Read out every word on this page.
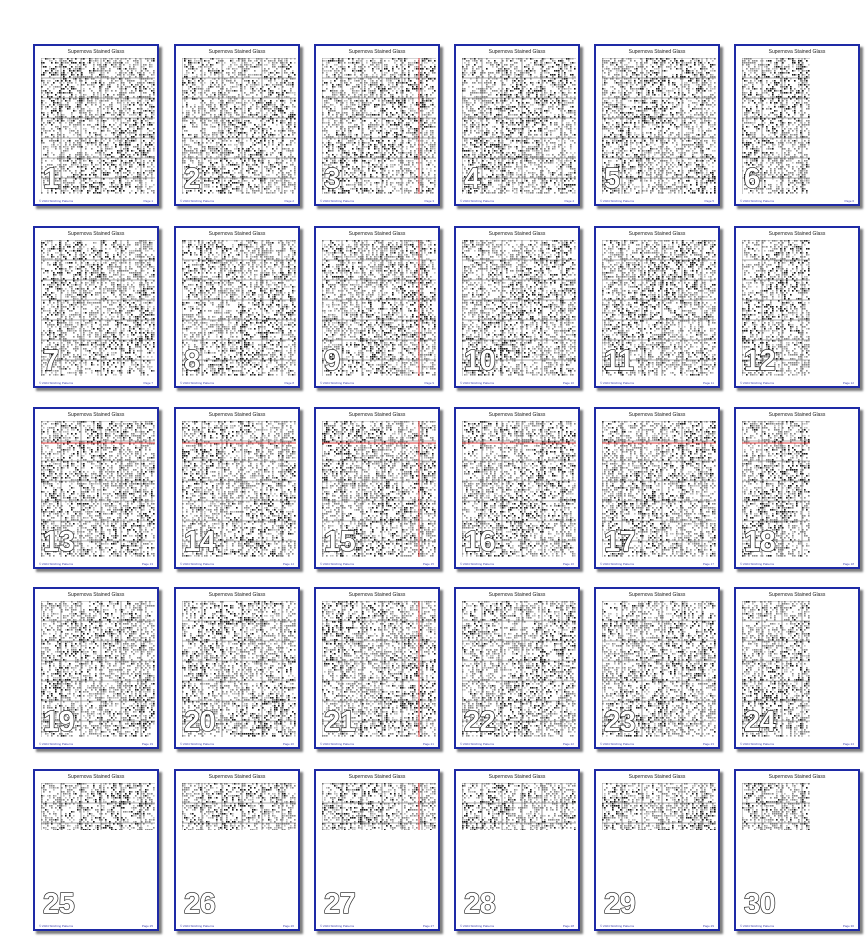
Supernova Stained Glass
1
© 2024 Stitching Patterns	Page 1
Supernova Stained Glass
2
© 2024 Stitching Patterns	Page 2
Supernova Stained Glass
3
© 2024 Stitching Patterns	Page 3
Supernova Stained Glass
4
© 2024 Stitching Patterns	Page 4
Supernova Stained Glass
5
© 2024 Stitching Patterns	Page 5
Supernova Stained Glass
6
© 2024 Stitching Patterns	Page 6
Supernova Stained Glass
7
© 2024 Stitching Patterns	Page 7
Supernova Stained Glass
8
© 2024 Stitching Patterns	Page 8
Supernova Stained Glass
9
© 2024 Stitching Patterns	Page 9
Supernova Stained Glass
10
© 2024 Stitching Patterns	Page 10
Supernova Stained Glass
11
© 2024 Stitching Patterns	Page 11
Supernova Stained Glass
12
© 2024 Stitching Patterns	Page 12
Supernova Stained Glass
13
© 2024 Stitching Patterns	Page 13
Supernova Stained Glass
14
© 2024 Stitching Patterns	Page 14
Supernova Stained Glass
15
© 2024 Stitching Patterns	Page 15
Supernova Stained Glass
16
© 2024 Stitching Patterns	Page 16
Supernova Stained Glass
17
© 2024 Stitching Patterns	Page 17
Supernova Stained Glass
18
© 2024 Stitching Patterns	Page 18
Supernova Stained Glass
19
© 2024 Stitching Patterns	Page 19
Supernova Stained Glass
20
© 2024 Stitching Patterns	Page 20
Supernova Stained Glass
21
© 2024 Stitching Patterns	Page 21
Supernova Stained Glass
22
© 2024 Stitching Patterns	Page 22
Supernova Stained Glass
23
© 2024 Stitching Patterns	Page 23
Supernova Stained Glass
24
© 2024 Stitching Patterns	Page 24
Supernova Stained Glass
25
© 2024 Stitching Patterns	Page 25
Supernova Stained Glass
26
© 2024 Stitching Patterns	Page 26
Supernova Stained Glass
27
© 2024 Stitching Patterns	Page 27
Supernova Stained Glass
28
© 2024 Stitching Patterns	Page 28
Supernova Stained Glass
29
© 2024 Stitching Patterns	Page 29
Supernova Stained Glass
30
© 2024 Stitching Patterns	Page 30
